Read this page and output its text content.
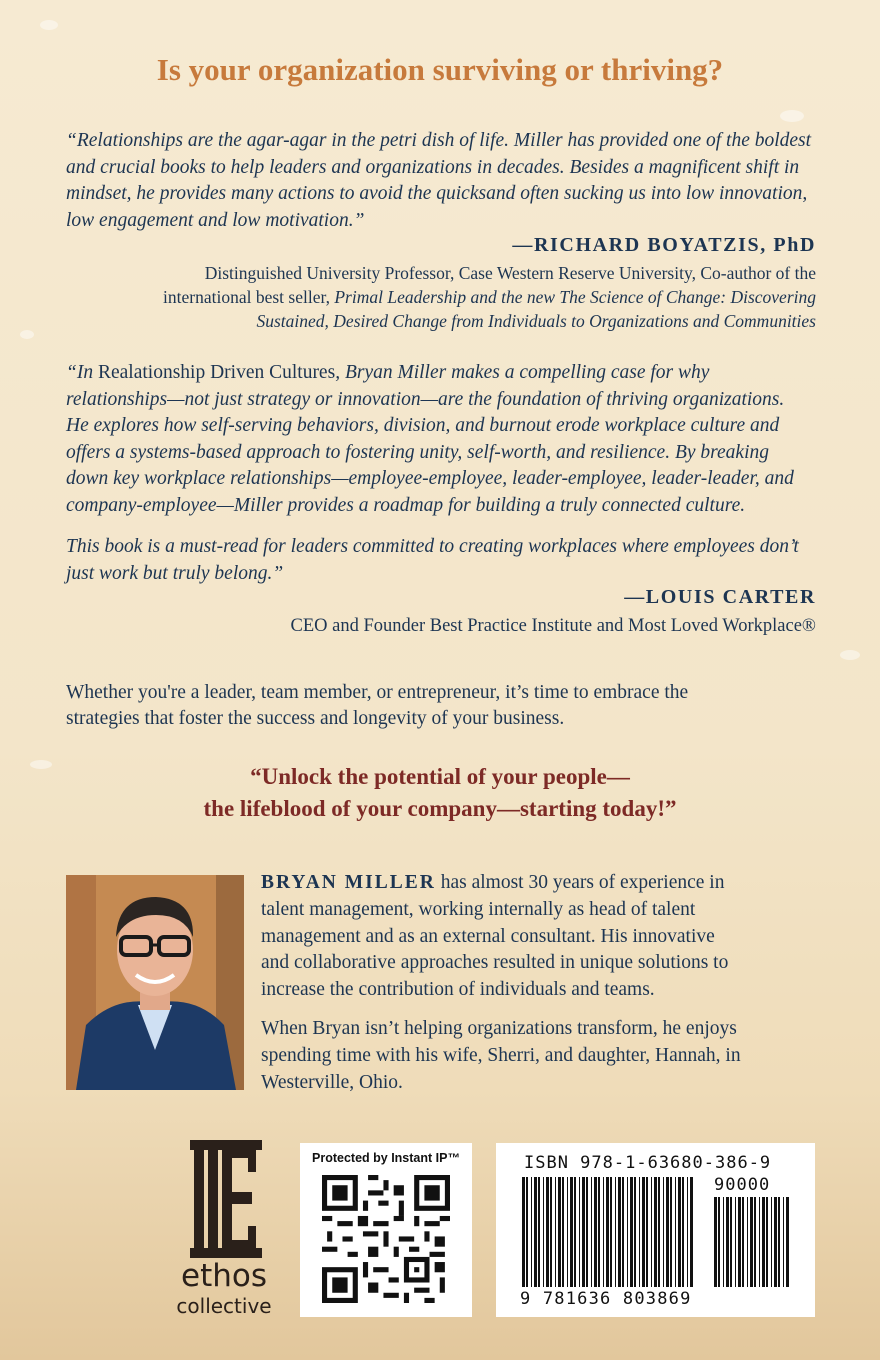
Is your organization surviving or thriving?

“Relationships are the agar-agar in the petri dish of life. Miller has provided one of the boldest

and crucial books to help leaders and organizations in decades. Besides a magnificent shift in

mindset, he provides many actions to avoid the quicksand often sucking us into low innovation,

low engagement and low motivation.”

—RICHARD BOYATZIS, PhD

Distinguished University Professor, Case Western Reserve University, Co-author of the

international best seller, Primal Leadership and the new The Science of Change: Discovering

Sustained, Desired Change from Individuals to Organizations and Communities

“In Realationship Driven Cultures, Bryan Miller makes a compelling case for why

relationships—not just strategy or innovation—are the foundation of thriving organizations.

He explores how self-serving behaviors, division, and burnout erode workplace culture and

offers a systems-based approach to fostering unity, self-worth, and resilience. By breaking

down key workplace relationships—employee-employee, leader-employee, leader-leader, and

company-employee—Miller provides a roadmap for building a truly connected culture.

This book is a must-read for leaders committed to creating workplaces where employees don’t

just work but truly belong.”

—LOUIS CARTER

CEO and Founder Best Practice Institute and Most Loved Workplace®

Whether you're a leader, team member, or entrepreneur, it’s time to embrace the
strategies that foster the success and longevity of your business.

“Unlock the potential of your people—

the lifeblood of your company—starting today!”

BRYAN MILLER has almost 30 years of experience in

talent management, working internally as head of talent

management and as an external consultant. His innovative

and collaborative approaches resulted in unique solutions to

increase the contribution of individuals and teams.

When Bryan isn’t helping organizations transform, he enjoys

spending time with his wife, Sherri, and daughter, Hannah, in

Westerville, Ohio.

ethos
collective

Protected by Instant IP™	ISBN 978-1-63680-386-9

90000

9 781636 803869
